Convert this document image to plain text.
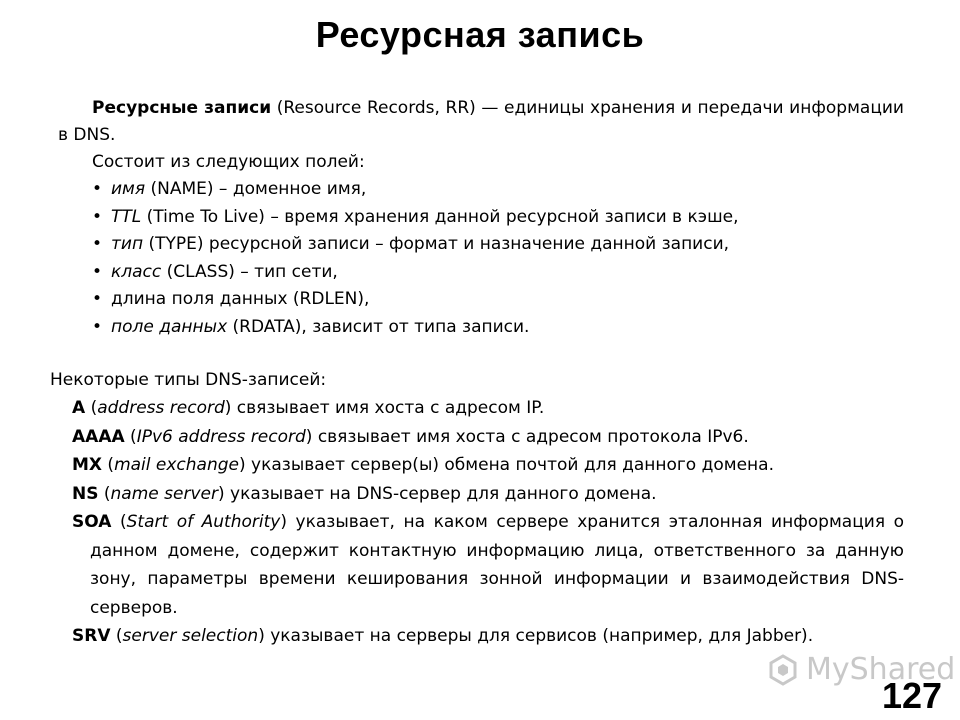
Ресурсная запись
Ресурсные записи (Resource Records, RR) — единицы хранения и передачи информации в DNS.
Состоит из следующих полей:
• имя (NAME) – доменное имя,
• TTL (Time To Live) – время хранения данной ресурсной записи в кэше,
• тип (TYPE) ресурсной записи – формат и назначение данной записи,
• класс (CLASS) – тип сети,
• длина поля данных (RDLEN),
• поле данных (RDATA), зависит от типа записи.
Некоторые типы DNS-записей:
A (address record) связывает имя хоста с адресом IP.
AAAA (IPv6 address record) связывает имя хоста с адресом протокола IPv6.
MX (mail exchange) указывает сервер(ы) обмена почтой для данного домена.
NS (name server) указывает на DNS-сервер для данного домена.
SOA (Start of Authority) указывает, на каком сервере хранится эталонная информация о данном домене, содержит контактную информацию лица, ответственного за данную зону, параметры времени кеширования зонной информации и взаимодействия DNS-серверов.
SRV (server selection) указывает на серверы для сервисов (например, для Jabber).
MyShared
127
